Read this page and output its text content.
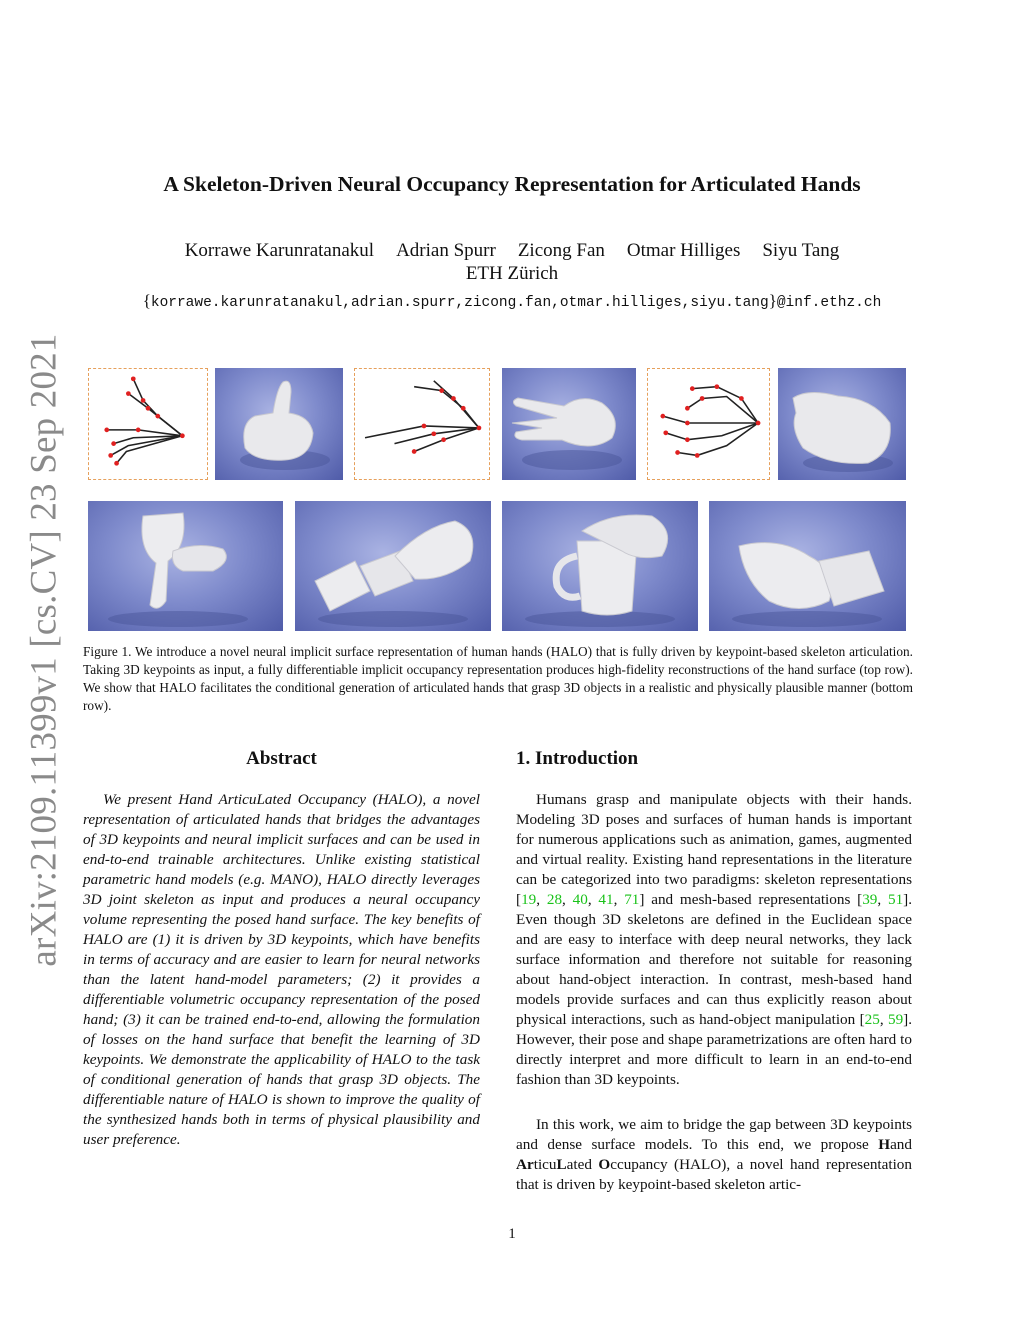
arXiv:2109.11399v1 [cs.CV] 23 Sep 2021
A Skeleton-Driven Neural Occupancy Representation for Articulated Hands
Korrawe Karunratanakul Adrian Spurr Zicong Fan Otmar Hilliges Siyu Tang
ETH Zürich
{korrawe.karunratanakul,adrian.spurr,zicong.fan,otmar.hilliges,siyu.tang}@inf.ethz.ch
Figure 1. We introduce a novel neural implicit surface representation of human hands (HALO) that is fully driven by keypoint-based skeleton articulation. Taking 3D keypoints as input, a fully differentiable implicit occupancy representation produces high-fidelity reconstructions of the hand surface (top row). We show that HALO facilitates the conditional generation of articulated hands that grasp 3D objects in a realistic and physically plausible manner (bottom row).
Abstract
We present Hand ArticuLated Occupancy (HALO), a novel representation of articulated hands that bridges the advantages of 3D keypoints and neural implicit surfaces and can be used in end-to-end trainable architectures. Unlike existing statistical parametric hand models (e.g. MANO), HALO directly leverages 3D joint skeleton as input and produces a neural occupancy volume representing the posed hand surface. The key benefits of HALO are (1) it is driven by 3D keypoints, which have benefits in terms of accuracy and are easier to learn for neural networks than the latent hand-model parameters; (2) it provides a differentiable volumetric occupancy representation of the posed hand; (3) it can be trained end-to-end, allowing the formulation of losses on the hand surface that benefit the learning of 3D keypoints. We demonstrate the applicability of HALO to the task of conditional generation of hands that grasp 3D objects. The differentiable nature of HALO is shown to improve the quality of the synthesized hands both in terms of physical plausibility and user preference.
1. Introduction
Humans grasp and manipulate objects with their hands. Modeling 3D poses and surfaces of human hands is important for numerous applications such as animation, games, augmented and virtual reality. Existing hand representations in the literature can be categorized into two paradigms: skeleton representations [19, 28, 40, 41, 71] and mesh-based representations [39, 51]. Even though 3D skeletons are defined in the Euclidean space and are easy to interface with deep neural networks, they lack surface information and therefore not suitable for reasoning about hand-object interaction. In contrast, mesh-based hand models provide surfaces and can thus explicitly reason about physical interactions, such as hand-object manipulation [25, 59]. However, their pose and shape parametrizations are often hard to directly interpret and more difficult to learn in an end-to-end fashion than 3D keypoints.
In this work, we aim to bridge the gap between 3D keypoints and dense surface models. To this end, we propose Hand ArticuLated Occupancy (HALO), a novel hand representation that is driven by keypoint-based skeleton artic-
1
